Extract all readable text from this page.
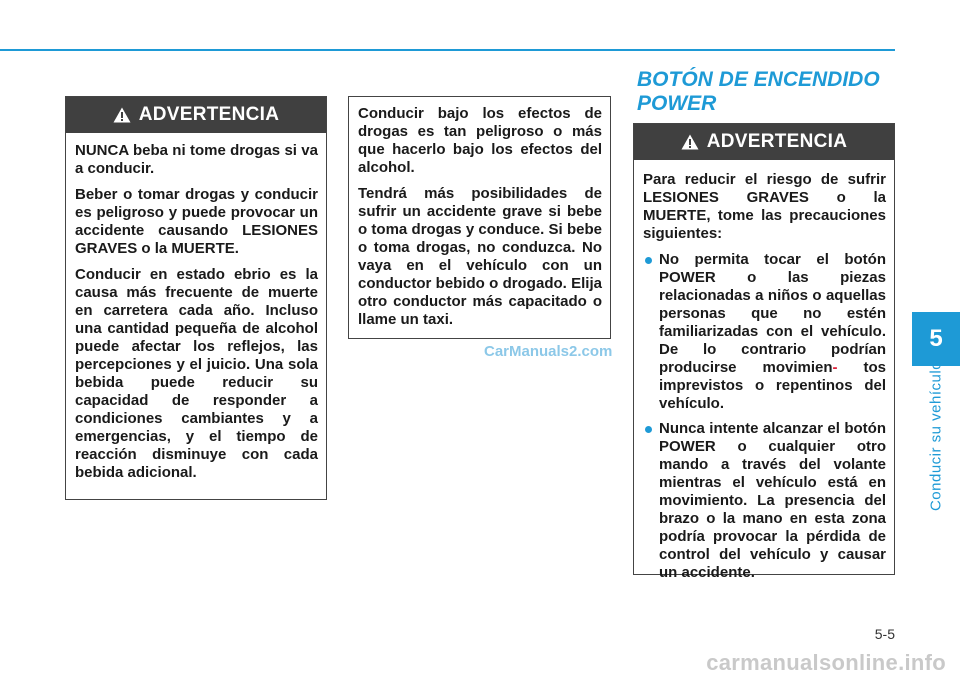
BOTÓN DE ENCENDIDO
POWER
ADVERTENCIA

NUNCA beba ni tome drogas si va a conducir.

Beber o tomar drogas y conducir es peligroso y puede provocar un accidente causando LESIONES GRAVES o la MUERTE.

Conducir en estado ebrio es la causa más frecuente de muerte en carretera cada año. Incluso una cantidad pequeña de alcohol puede afectar los reflejos, las percepciones y el juicio. Una sola bebida puede reducir su capacidad de responder a condiciones cambiantes y a emergencias, y el tiempo de reacción disminuye con cada bebida adicional.

Conducir bajo los efectos de drogas es tan peligroso o más que hacerlo bajo los efectos del alcohol.

Tendrá más posibilidades de sufrir un accidente grave si bebe o toma drogas y conduce. Si bebe o toma drogas, no conduzca. No vaya en el vehículo con un conductor bebido o drogado. Elija otro conductor más capacitado o llame un taxi.

CarManuals2.com
ADVERTENCIA

Para reducir el riesgo de sufrir LESIONES GRAVES o la MUERTE, tome las precauciones siguientes:

No permita tocar el botón POWER o las piezas relacionadas a niños o aquellas personas que no estén familiarizadas con el vehículo. De lo contrario podrían producirse movimien- tos imprevistos o repentinos del vehículo.
Nunca intente alcanzar el botón POWER o cualquier otro mando a través del volante mientras el vehículo está en movimiento. La presencia del brazo o la mano en esta zona podría provocar la pérdida de control del vehículo y causar un accidente.
5
Conducir su vehículo
5-5
carmanualsonline.info
